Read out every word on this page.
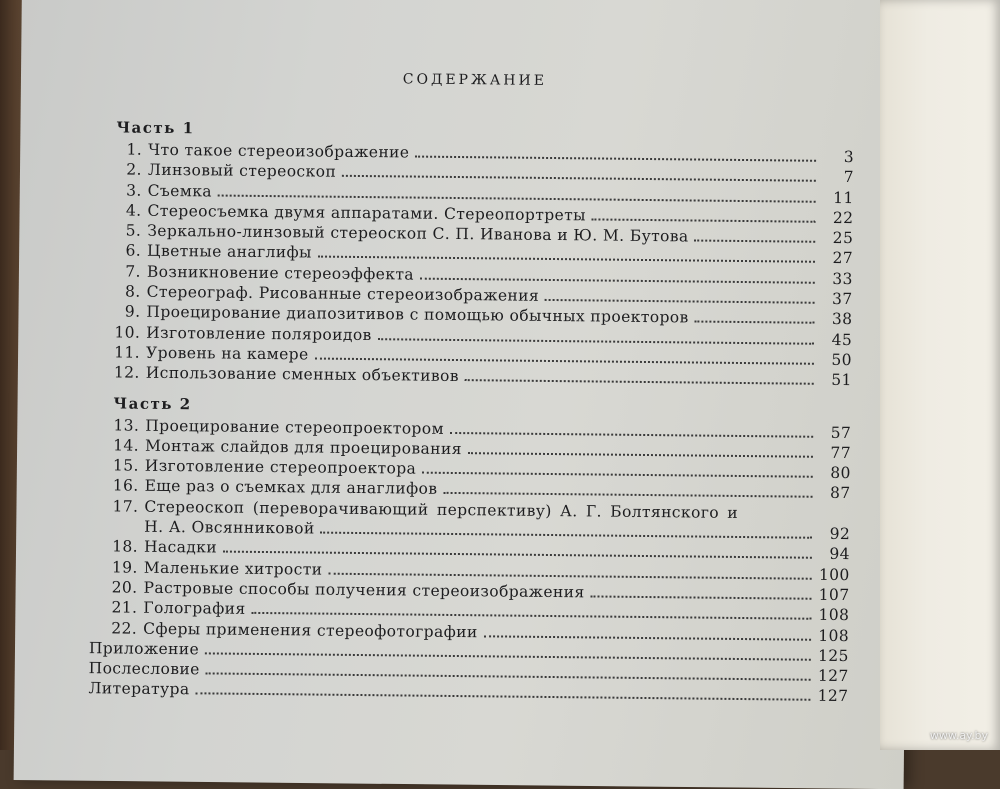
СОДЕРЖАНИЕ
Часть 1
1. Что такое стереоизображение	3
2. Линзовый стереоскоп	7
3. Съемка	11
4. Стереосъемка двумя аппаратами. Стереопортреты	22
5. Зеркально-линзовый стереоскоп С. П. Иванова и Ю. М. Бутова	25
6. Цветные анаглифы	27
7. Возникновение стереоэффекта	33
8. Стереограф. Рисованные стереоизображения	37
9. Проецирование диапозитивов с помощью обычных проекторов	38
10. Изготовление поляроидов	45
11. Уровень на камере	50
12. Использование сменных объективов	51
Часть 2
13. Проецирование стереопроектором	57
14. Монтаж слайдов для проецирования	77
15. Изготовление стереопроектора	80
16. Еще раз о съемках для анаглифов	87
17. Стереоскоп (переворачивающий перспективу) А. Г. Болтянского и
Н. А. Овсянниковой	92
18. Насадки	94
19. Маленькие хитрости	100
20. Растровые способы получения стереоизображения	107
21. Голография	108
22. Сферы применения стереофотографии	108
Приложение	125
Послесловие	127
Литература	127
www.ay.by
